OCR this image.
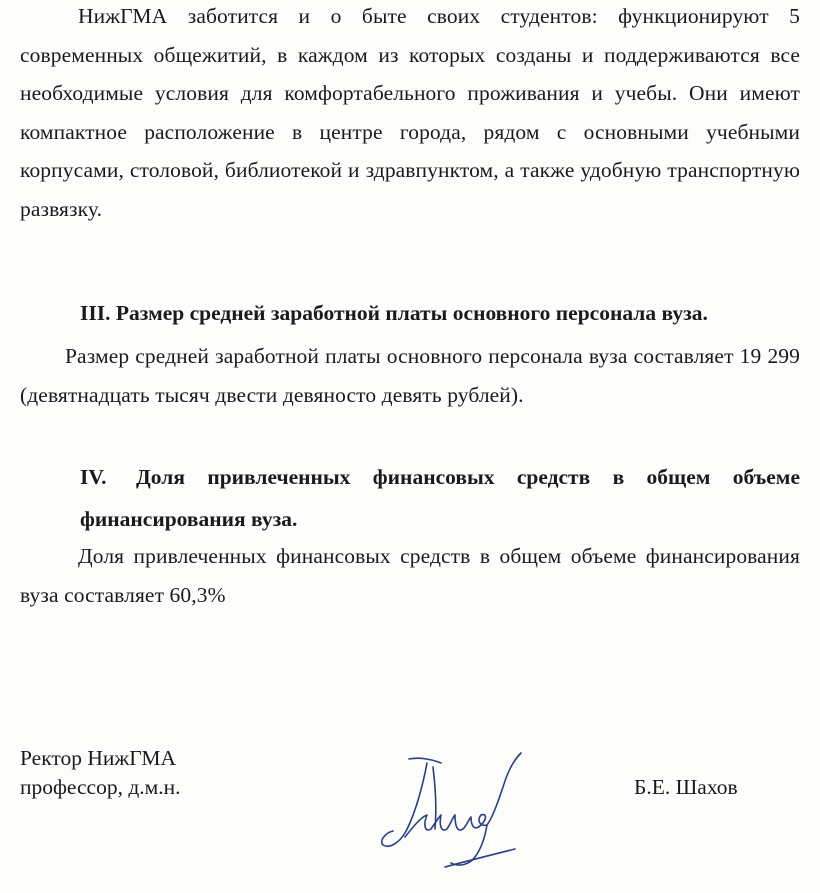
НижГМА заботится и о быте своих студентов: функционируют 5 современных общежитий, в каждом из которых созданы и поддерживаются все необходимые условия для комфортабельного проживания и учебы. Они имеют компактное расположение в центре города, рядом с основными учебными корпусами, столовой, библиотекой и здравпунктом, а также удобную транспортную развязку.

III. Размер средней заработной платы основного персонала вуза.

Размер средней заработной платы основного персонала вуза составляет 19 299 (девятнадцать тысяч двести девяносто девять рублей).

IV. Доля привлеченных финансовых средств в общем объеме
финансирования вуза.

Доля привлеченных финансовых средств в общем объеме финансирования вуза составляет 60,3%

Ректор НижГМА
профессор, д.м.н.	Б.Е. Шахов
